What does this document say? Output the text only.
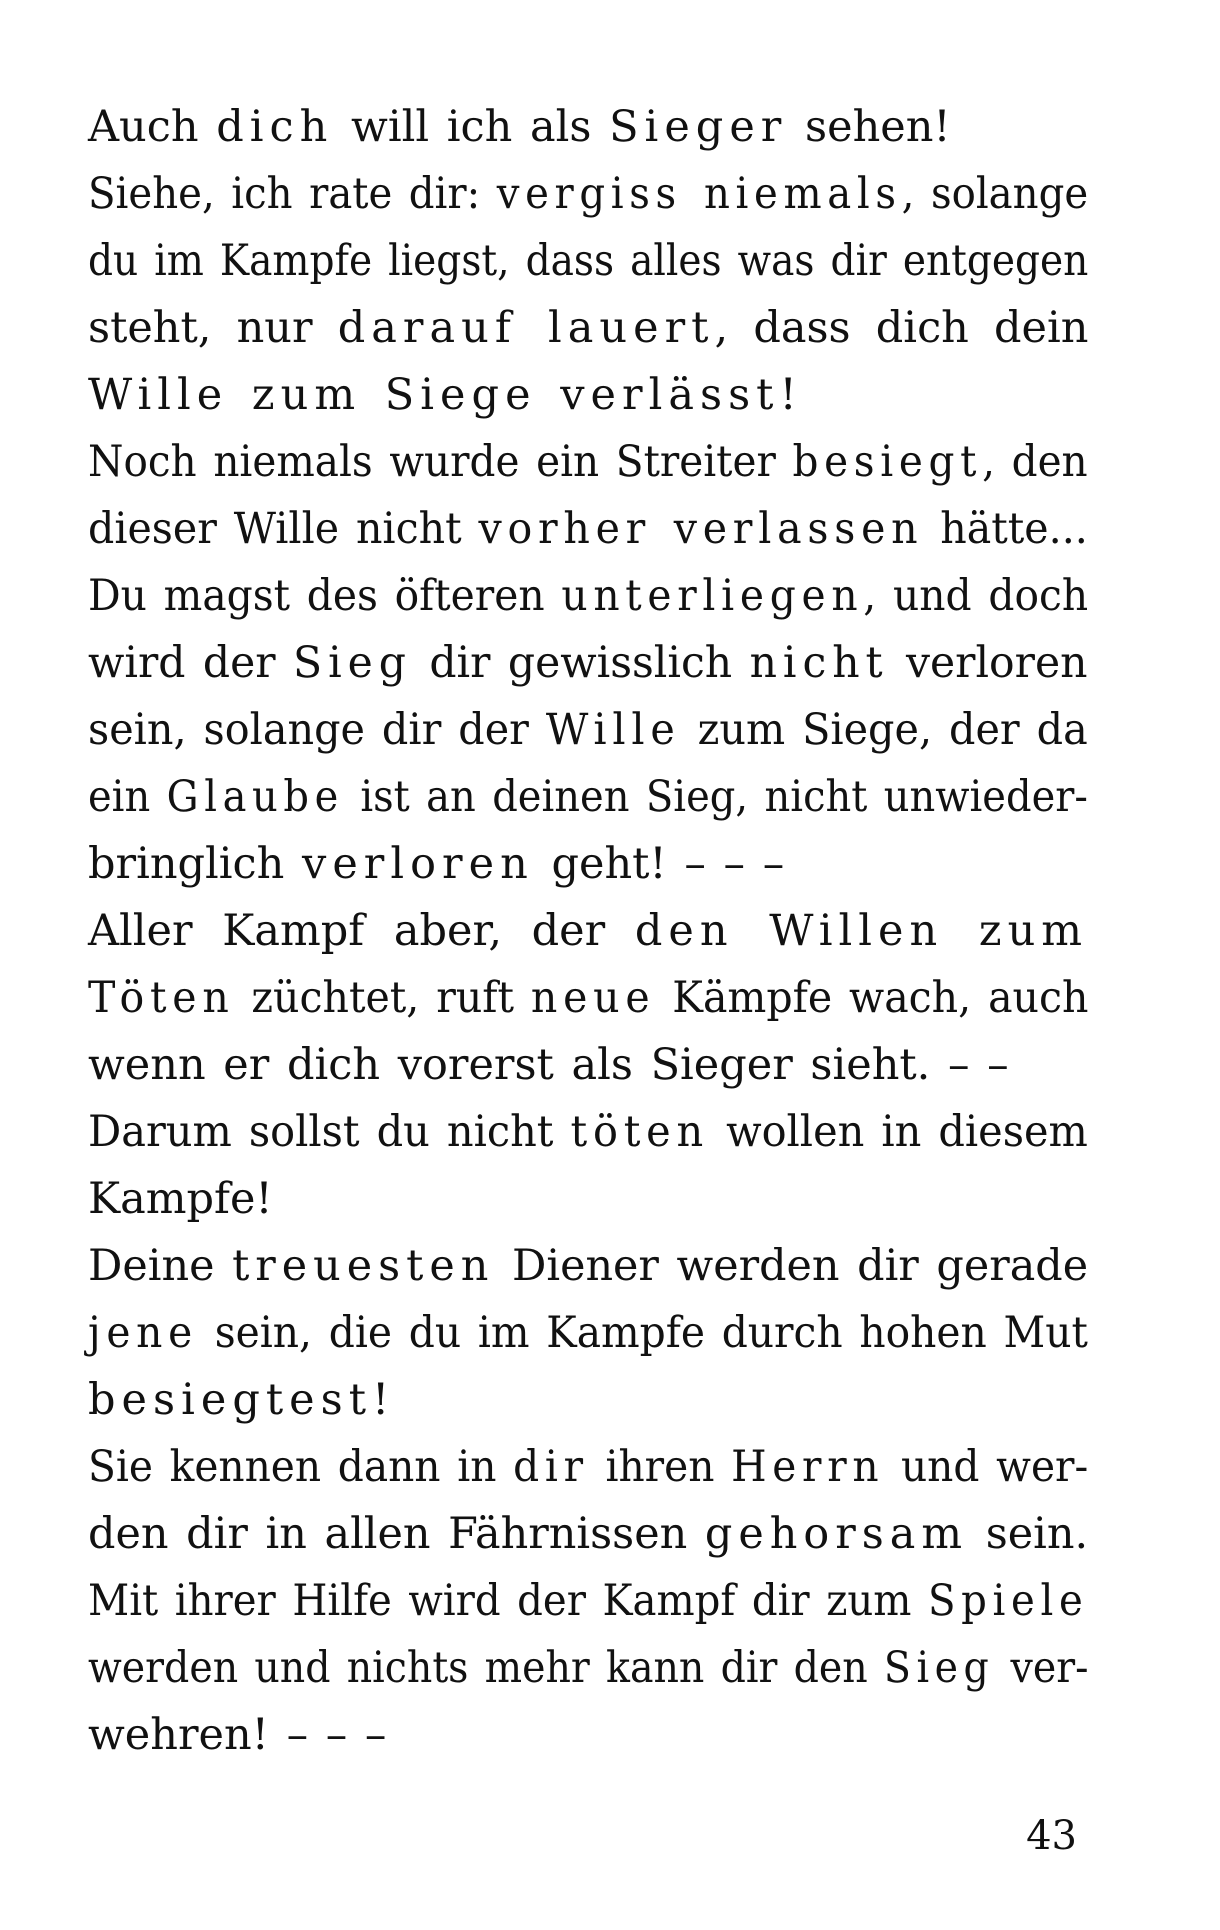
Auch dich will ich als Sieger sehen!
Siehe, ich rate dir: vergiss niemals, solange
du im Kampfe liegst, dass alles was dir entgegen
steht, nur darauf lauert, dass dich dein
Wille zum Siege verlässt!
Noch niemals wurde ein Streiter besiegt, den
dieser Wille nicht vorher verlassen hätte...
Du magst des öfteren unterliegen, und doch
wird der Sieg dir gewisslich nicht verloren
sein, solange dir der Wille zum Siege, der da
ein Glaube ist an deinen Sieg, nicht unwieder-
bringlich verloren geht! – – –
Aller Kampf aber, der den Willen zum
Töten züchtet, ruft neue Kämpfe wach, auch
wenn er dich vorerst als Sieger sieht. – –
Darum sollst du nicht töten wollen in diesem
Kampfe!
Deine treuesten Diener werden dir gerade
jene sein, die du im Kampfe durch hohen Mut
besiegtest!
Sie kennen dann in dir ihren Herrn und wer-
den dir in allen Fährnissen gehorsam sein.
Mit ihrer Hilfe wird der Kampf dir zum Spiele
werden und nichts mehr kann dir den Sieg ver-
wehren! – – –
43
